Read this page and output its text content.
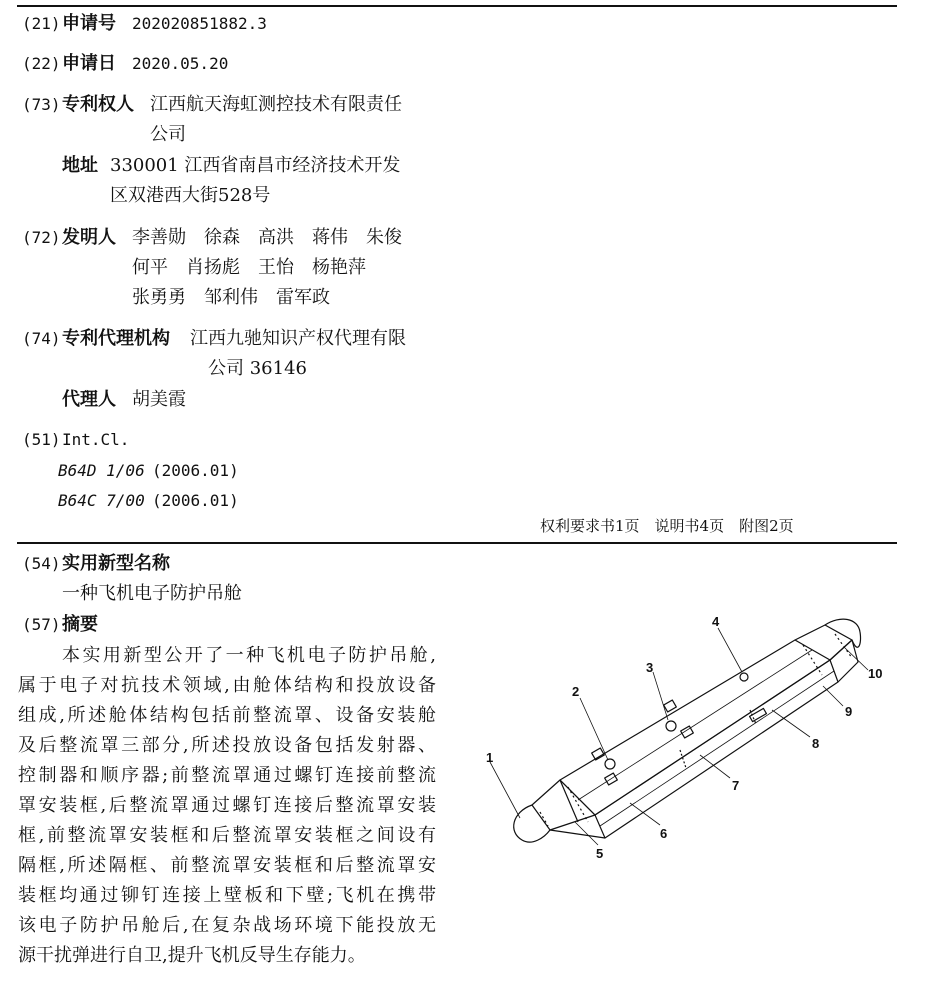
(21) 申请号 202020851882.3
(22) 申请日 2020.05.20
(73) 专利权人 江西航天海虹测控技术有限责任
公司
地址 330001 江西省南昌市经济技术开发
区双港西大街528号
(72) 发明人 李善勋　徐森　高洪　蒋伟　朱俊
何平　肖扬彪　王怡　杨艳萍
张勇勇　邹利伟　雷军政
(74) 专利代理机构 江西九驰知识产权代理有限
公司 36146
代理人 胡美霞
(51) Int.Cl.
B64D 1/06 (2006.01)
B64C 7/00 (2006.01)
权利要求书1页　说明书4页　附图2页
(54) 实用新型名称
一种飞机电子防护吊舱
(57) 摘要
本实用新型公开了一种飞机电子防护吊舱,
属于电子对抗技术领域,由舱体结构和投放设备
组成,所述舱体结构包括前整流罩、设备安装舱
及后整流罩三部分,所述投放设备包括发射器、
控制器和顺序器;前整流罩通过螺钉连接前整流
罩安装框,后整流罩通过螺钉连接后整流罩安装
框,前整流罩安装框和后整流罩安装框之间设有
隔框,所述隔框、前整流罩安装框和后整流罩安
装框均通过铆钉连接上壁板和下壁;飞机在携带
该电子防护吊舱后,在复杂战场环境下能投放无
源干扰弹进行自卫,提升飞机反导生存能力。
1
2
3
4
5
6
7
8
9
10
